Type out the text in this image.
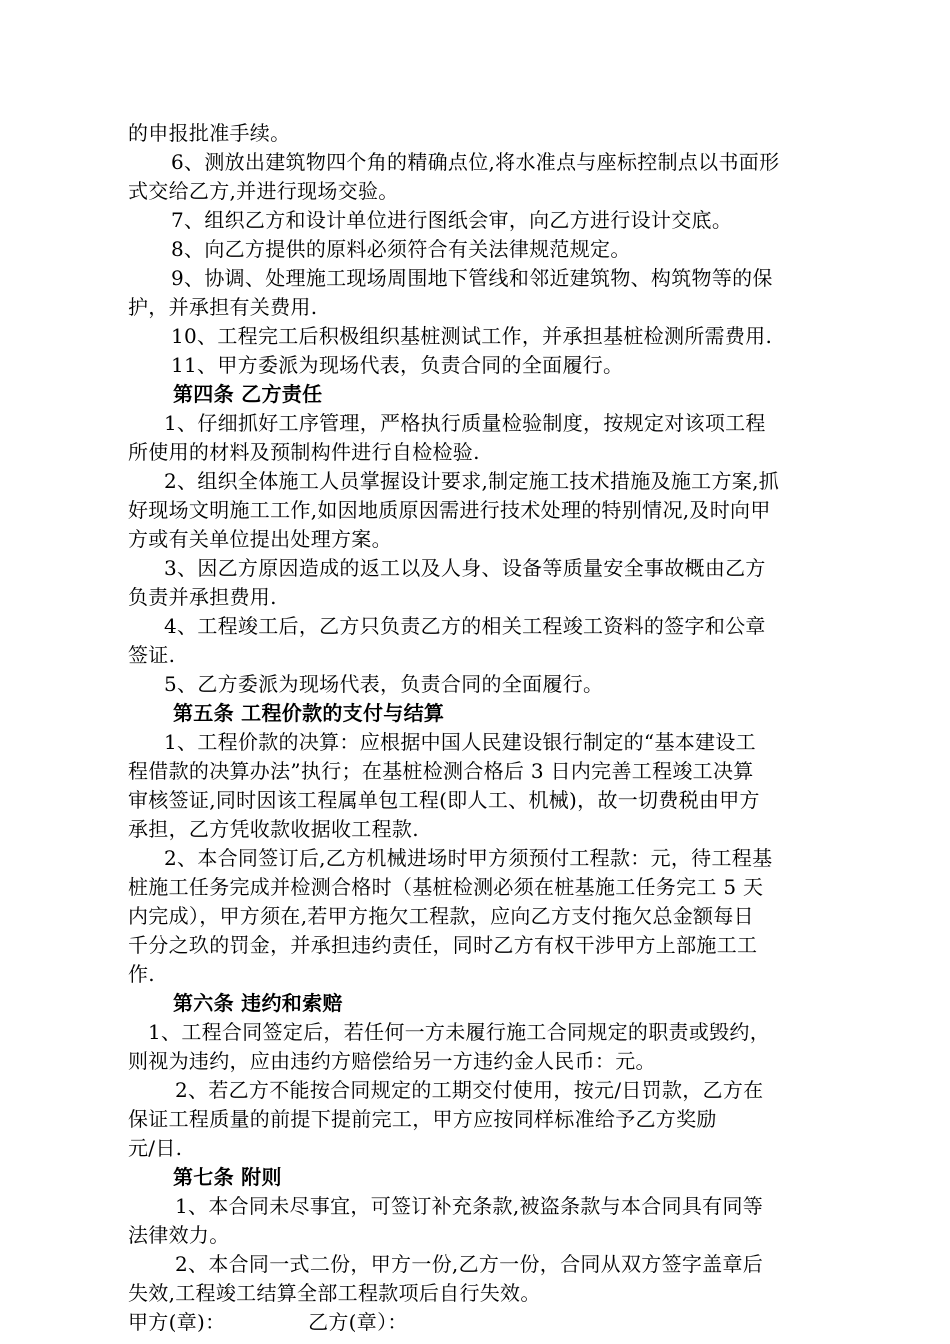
的申报批准手续。
6、测放出建筑物四个角的精确点位,将水准点与座标控制点以书面形
式交给乙方,并进行现场交验。
7、组织乙方和设计单位进行图纸会审，向乙方进行设计交底。
8、向乙方提供的原料必须符合有关法律规范规定。
9、协调、处理施工现场周围地下管线和邻近建筑物、构筑物等的保
护，并承担有关费用.
10、工程完工后积极组织基桩测试工作，并承担基桩检测所需费用.
11、甲方委派为现场代表，负责合同的全面履行。
第四条 乙方责任
1、仔细抓好工序管理，严格执行质量检验制度，按规定对该项工程
所使用的材料及预制构件进行自检检验.
2、组织全体施工人员掌握设计要求,制定施工技术措施及施工方案,抓
好现场文明施工工作,如因地质原因需进行技术处理的特别情况,及时向甲
方或有关单位提出处理方案。
3、因乙方原因造成的返工以及人身、设备等质量安全事故概由乙方
负责并承担费用.
4、工程竣工后，乙方只负责乙方的相关工程竣工资料的签字和公章
签证.
5、乙方委派为现场代表，负责合同的全面履行。
第五条 工程价款的支付与结算
1、工程价款的决算：应根据中国人民建设银行制定的“基本建设工
程借款的决算办法”执行；在基桩检测合格后 3 日内完善工程竣工决算
审核签证,同时因该工程属单包工程(即人工、机械)，故一切费税由甲方
承担，乙方凭收款收据收工程款.
2、本合同签订后,乙方机械进场时甲方须预付工程款：元，待工程基
桩施工任务完成并检测合格时（基桩检测必须在桩基施工任务完工 5 天
内完成），甲方须在,若甲方拖欠工程款，应向乙方支付拖欠总金额每日
千分之玖的罚金，并承担违约责任，同时乙方有权干涉甲方上部施工工
作.
第六条 违约和索赔
1、工程合同签定后，若任何一方未履行施工合同规定的职责或毁约，
则视为违约，应由违约方赔偿给另一方违约金人民币：元。
2、若乙方不能按合同规定的工期交付使用，按元/日罚款，乙方在
保证工程质量的前提下提前完工，甲方应按同样标准给予乙方奖励
元/日.
第七条 附则
1、本合同未尽事宜，可签订补充条款,被盗条款与本合同具有同等
法律效力。
2、本合同一式二份，甲方一份,乙方一份，合同从双方签字盖章后
失效,工程竣工结算全部工程款项后自行失效。
甲方(章)：	乙方(章）：
